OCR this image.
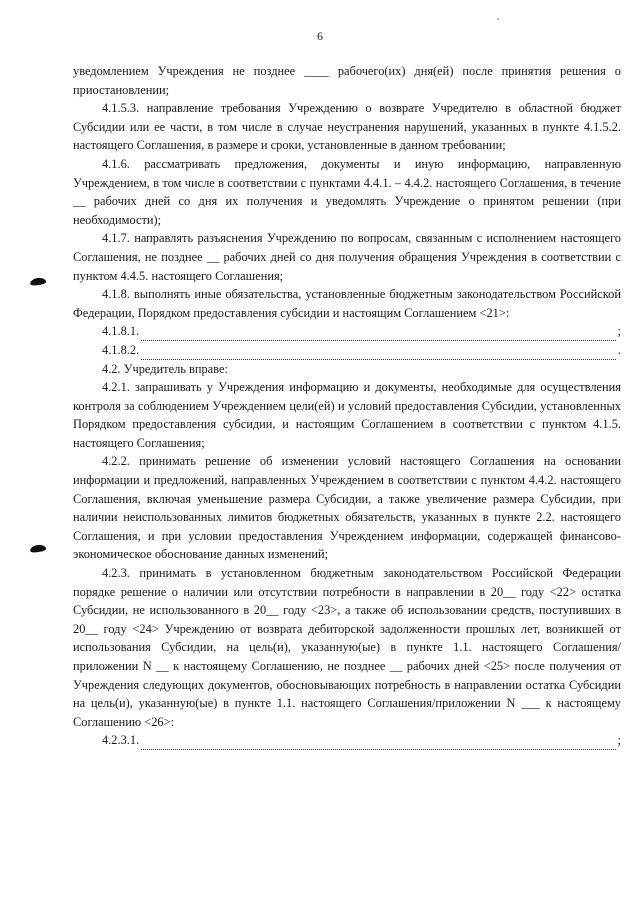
6

уведомлением Учреждения не позднее ____ рабочего(их) дня(ей) после принятия решения о приостановлении;

4.1.5.3. направление требования Учреждению о возврате Учредителю в областной бюджет Субсидии или ее части, в том числе в случае неустранения нарушений, указанных в пункте 4.1.5.2. настоящего Соглашения, в размере и сроки, установленные в данном требовании;

4.1.6. рассматривать предложения, документы и иную информацию, направленную Учреждением, в том числе в соответствии с пунктами 4.4.1. – 4.4.2. настоящего Соглашения, в течение __ рабочих дней со дня их получения и уведомлять Учреждение о принятом решении (при необходимости);

4.1.7. направлять разъяснения Учреждению по вопросам, связанным с исполнением настоящего Соглашения, не позднее __ рабочих дней со дня получения обращения Учреждения в соответствии с пунктом 4.4.5. настоящего Соглашения;

4.1.8. выполнять иные обязательства, установленные бюджетным законодательством Российской Федерации, Порядком предоставления субсидии и настоящим Соглашением <21>:

4.1.8.1.	;
4.1.8.2.	.

4.2. Учредитель вправе:

4.2.1. запрашивать у Учреждения информацию и документы, необходимые для осуществления контроля за соблюдением Учреждением цели(ей) и условий предоставления Субсидии, установленных Порядком предоставления субсидии, и настоящим Соглашением в соответствии с пунктом 4.1.5. настоящего Соглашения;

4.2.2. принимать решение об изменении условий настоящего Соглашения на основании информации и предложений, направленных Учреждением в соответствии с пунктом 4.4.2. настоящего Соглашения, включая уменьшение размера Субсидии, а также увеличение размера Субсидии, при наличии неиспользованных лимитов бюджетных обязательств, указанных в пункте 2.2. настоящего Соглашения, и при условии предоставления Учреждением информации, содержащей финансово-экономическое обоснование данных изменений;

4.2.3. принимать в установленном бюджетным законодательством Российской Федерации порядке решение о наличии или отсутствии потребности в направлении в 20__ году <22> остатка Субсидии, не использованного в 20__ году <23>, а также об использовании средств, поступивших в 20__ году <24> Учреждению от возврата дебиторской задолженности прошлых лет, возникшей от использования Субсидии, на цель(и), указанную(ые) в пункте 1.1. настоящего Соглашения/приложении N __ к настоящему Соглашению, не позднее __ рабочих дней <25> после получения от Учреждения следующих документов, обосновывающих потребность в направлении остатка Субсидии на цель(и), указанную(ые) в пункте 1.1. настоящего Соглашения/приложении N ___ к настоящему Соглашению <26>:

4.2.3.1.	;
